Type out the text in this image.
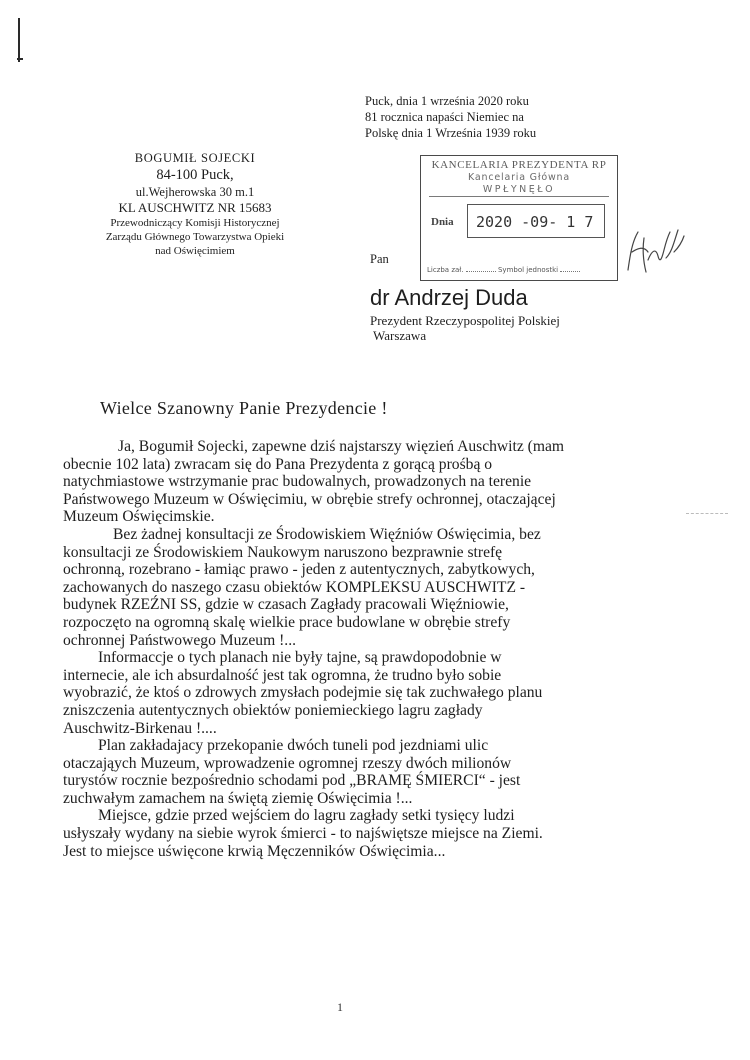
Puck, dnia 1 września 2020 roku
81 rocznica napaści Niemiec na
Polskę dnia 1 Września 1939 roku
BOGUMIŁ SOJECKI
84-100 Puck,
ul.Wejherowska 30 m.1
KL AUSCHWITZ NR 15683
Przewodniczący Komisji Historycznej
Zarządu Głównego Towarzystwa Opieki
nad Oświęcimiem
KANCELARIA PREZYDENTA RP
Kancelaria Główna
WPŁYNĘŁO
Dnia 2020 -09- 1 7
Liczba zał.	Symbol jednostki
Pan
dr Andrzej Duda
Prezydent Rzeczypospolitej Polskiej
Warszawa
Wielce Szanowny Panie Prezydencie !
Ja, Bogumił Sojecki, zapewne dziś najstarszy więzień Auschwitz (mam
obecnie 102 lata) zwracam się do Pana Prezydenta z gorącą prośbą o
natychmiastowe wstrzymanie prac budowalnych, prowadzonych na terenie
Państwowego Muzeum w Oświęcimiu, w obrębie strefy ochronnej, otaczającej
Muzeum Oświęcimskie.
Bez żadnej konsultacji ze Środowiskiem Więźniów Oświęcimia, bez
konsultacji ze Środowiskiem Naukowym naruszono bezprawnie strefę
ochronną, rozebrano - łamiąc prawo - jeden z autentycznych, zabytkowych,
zachowanych do naszego czasu obiektów KOMPLEKSU AUSCHWITZ -
budynek RZEŹNI SS, gdzie w czasach Zagłady pracowali Więźniowie,
rozpoczęto na ogromną skalę wielkie prace budowlane w obrębie strefy
ochronnej Państwowego Muzeum !...
Informaccje o tych planach nie były tajne, są prawdopodobnie w
internecie, ale ich absurdalność jest tak ogromna, że trudno było sobie
wyobrazić, że ktoś o zdrowych zmysłach podejmie się tak zuchwałego planu
zniszczenia autentycznych obiektów poniemieckiego lagru zagłady
Auschwitz-Birkenau !....
Plan zakładajacy przekopanie dwóch tuneli pod jezdniami ulic
otaczająych Muzeum, wprowadzenie ogromnej rzeszy dwóch milionów
turystów rocznie bezpośrednio schodami pod „BRAMĘ ŚMIERCI“ - jest
zuchwałym zamachem na świętą ziemię Oświęcimia !...
Miejsce, gdzie przed wejściem do lagru zagłady setki tysięcy ludzi
usłyszały wydany na siebie wyrok śmierci - to najświętsze miejsce na Ziemi.
Jest to miejsce uświęcone krwią Męczenników Oświęcimia...
1
